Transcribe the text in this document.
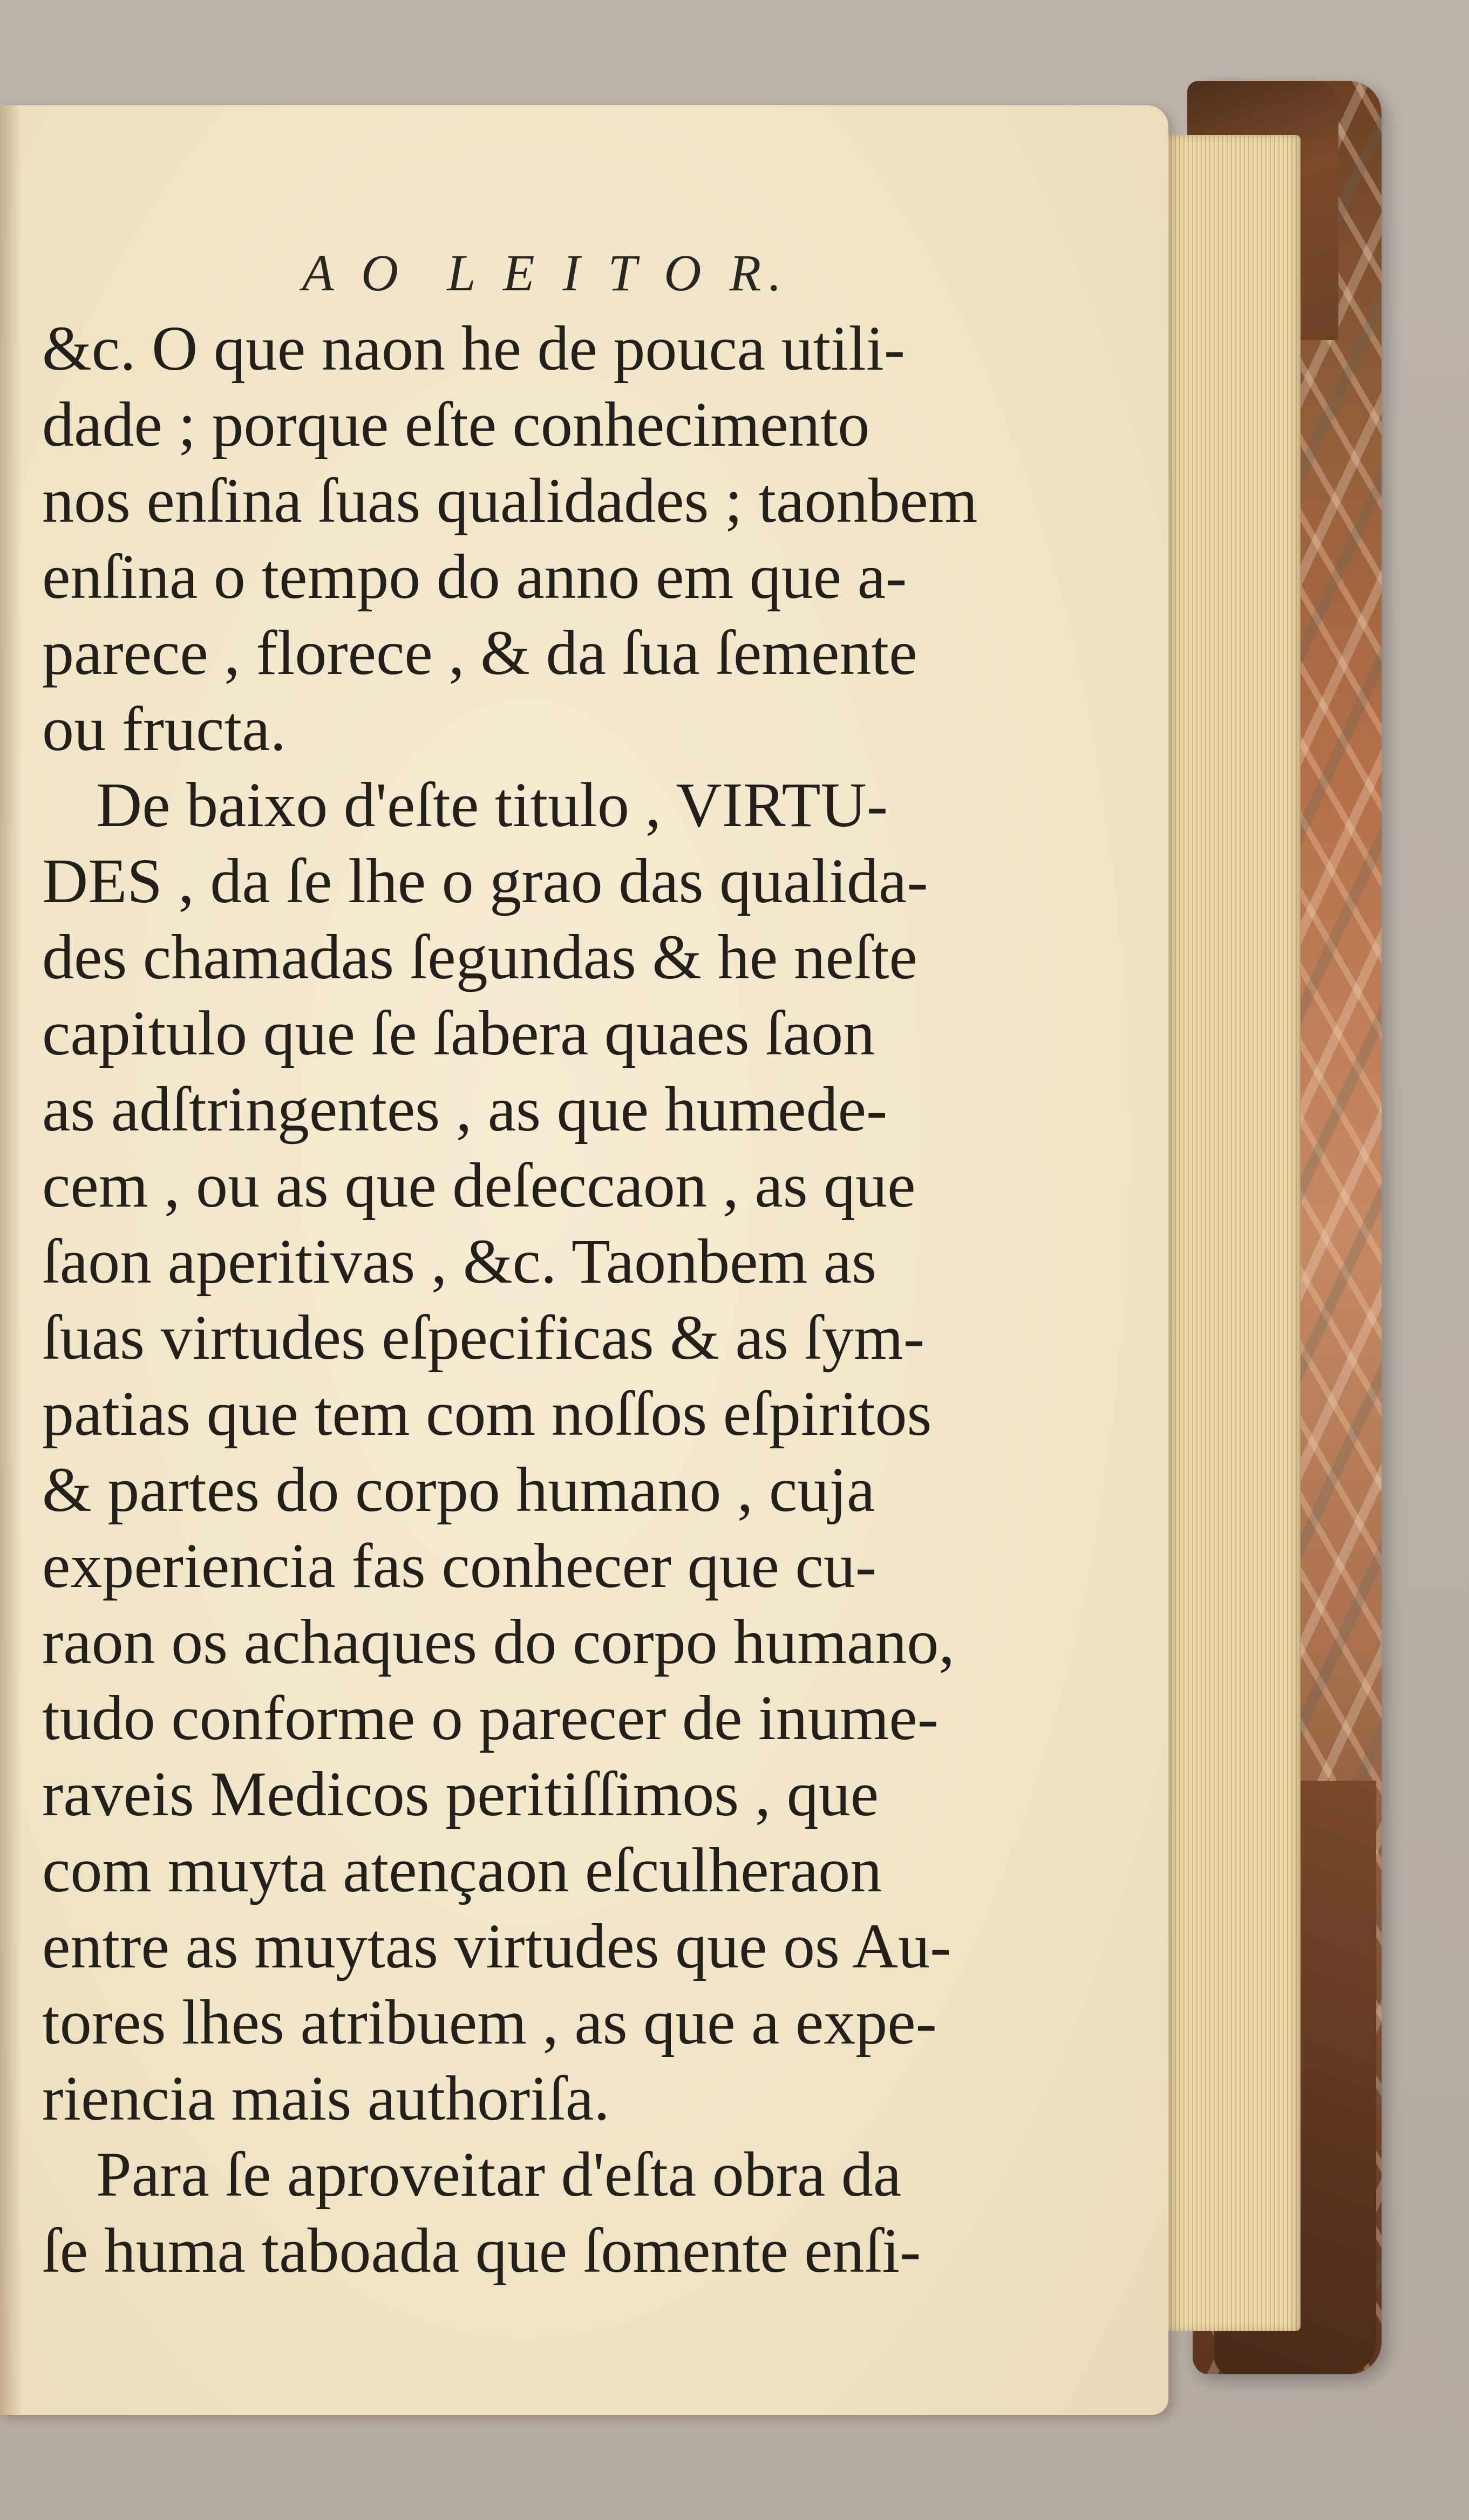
A O  L E I T O R.
&c. O que naon he de pouca utili-
dade ; porque eſte conhecimento
nos enſina ſuas qualidades ; taonbem
enſina o tempo do anno em que a-
parece , florece , & da ſua ſemente
ou fructa.
De baixo d'eſte titulo , VIRTU-
DES , da ſe lhe o grao das qualida-
des chamadas ſegundas & he neſte
capitulo que ſe ſabera quaes ſaon
as adſtringentes , as que humede-
cem , ou as que deſeccaon , as que
ſaon aperitivas , &c. Taonbem as
ſuas virtudes eſpecificas & as ſym-
patias que tem com noſſos eſpiritos
& partes do corpo humano , cuja
experiencia fas conhecer que cu-
raon os achaques do corpo humano,
tudo conforme o parecer de inume-
raveis Medicos peritiſſimos , que
com muyta atençaon eſculheraon
entre as muytas virtudes que os Au-
tores lhes atribuem , as que a expe-
riencia mais authoriſa.
Para ſe aproveitar d'eſta obra da
ſe huma taboada que ſomente enſi-
